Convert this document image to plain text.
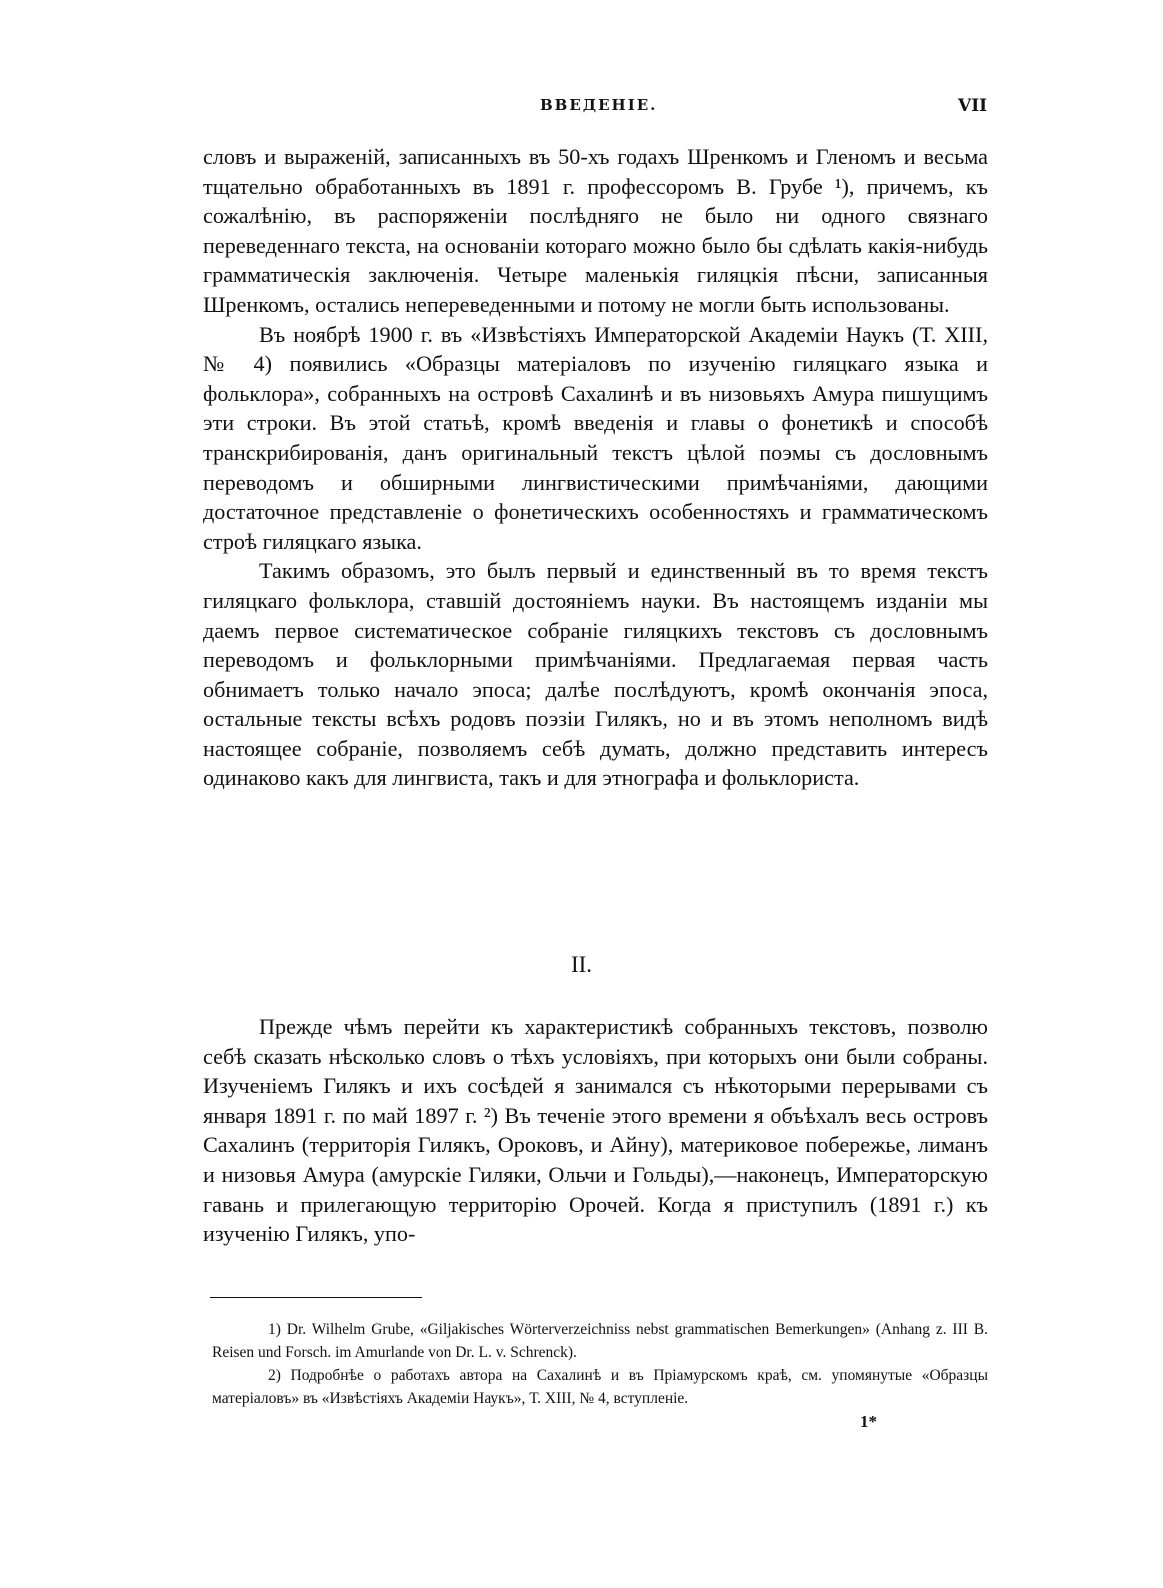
ВВЕДЕНІЕ.	VII

словъ и выраженій, записанныхъ въ 50-хъ годахъ Шренкомъ и Гленомъ и весьма тщательно обработанныхъ въ 1891 г. профессоромъ В. Грубе ¹), причемъ, къ сожалѣнію, въ распоряженіи послѣдняго не было ни одного связнаго переведеннаго текста, на основаніи котораго можно было бы сдѣлать какія-нибудь грамматическія заключенія. Четыре маленькія гиляцкія пѣсни, записанныя Шренкомъ, остались непереведенными и потому не могли быть использованы.

Въ ноябрѣ 1900 г. въ «Извѣстіяхъ Императорской Академіи Наукъ (Т. XIII, № 4) появились «Образцы матеріаловъ по изученію гиляцкаго языка и фольклора», собранныхъ на островѣ Сахалинѣ и въ низовьяхъ Амура пишущимъ эти строки. Въ этой статьѣ, кромѣ введенія и главы о фонетикѣ и способѣ транскрибированія, данъ оригинальный текстъ цѣлой поэмы съ дословнымъ переводомъ и обширными лингвистическими примѣчаніями, дающими достаточное представленіе о фонетическихъ особенностяхъ и грамматическомъ строѣ гиляцкаго языка.

Такимъ образомъ, это былъ первый и единственный въ то время текстъ гиляцкаго фольклора, ставшій достояніемъ науки. Въ настоящемъ изданіи мы даемъ первое систематическое собраніе гиляцкихъ текстовъ съ дословнымъ переводомъ и фольклорными примѣчаніями. Предлагаемая первая часть обнимаетъ только начало эпоса; далѣе послѣдуютъ, кромѣ окончанія эпоса, остальные тексты всѣхъ родовъ поэзіи Гилякъ, но и въ этомъ неполномъ видѣ настоящее собраніе, позволяемъ себѣ думать, должно представить интересъ одинаково какъ для лингвиста, такъ и для этнографа и фольклориста.

II.

Прежде чѣмъ перейти къ характеристикѣ собранныхъ текстовъ, позволю себѣ сказать нѣсколько словъ о тѣхъ условіяхъ, при которыхъ они были собраны. Изученіемъ Гилякъ и ихъ сосѣдей я занимался съ нѣкоторыми перерывами съ января 1891 г. по май 1897 г. ²) Въ теченіе этого времени я объѣхалъ весь островъ Сахалинъ (территорія Гилякъ, Ороковъ, и Айну), материковое побережье, лиманъ и низовья Амура (амурскіе Гиляки, Ольчи и Гольды),—наконецъ, Императорскую гавань и прилегающую территорію Орочей. Когда я приступилъ (1891 г.) къ изученію Гилякъ, упо-

1) Dr. Wilhelm Grube, «Giljakisches Wörterverzeichniss nebst grammatischen Bemerkungen» (Anhang z. III B. Reisen und Forsch. im Amurlande von Dr. L. v. Schrenck).

2) Подробнѣе о работахъ автора на Сахалинѣ и въ Пріамурскомъ краѣ, см. упомянутые «Образцы матеріаловъ» въ «Извѣстіяхъ Академіи Наукъ», Т. XIII, № 4, вступленіе.

1*
